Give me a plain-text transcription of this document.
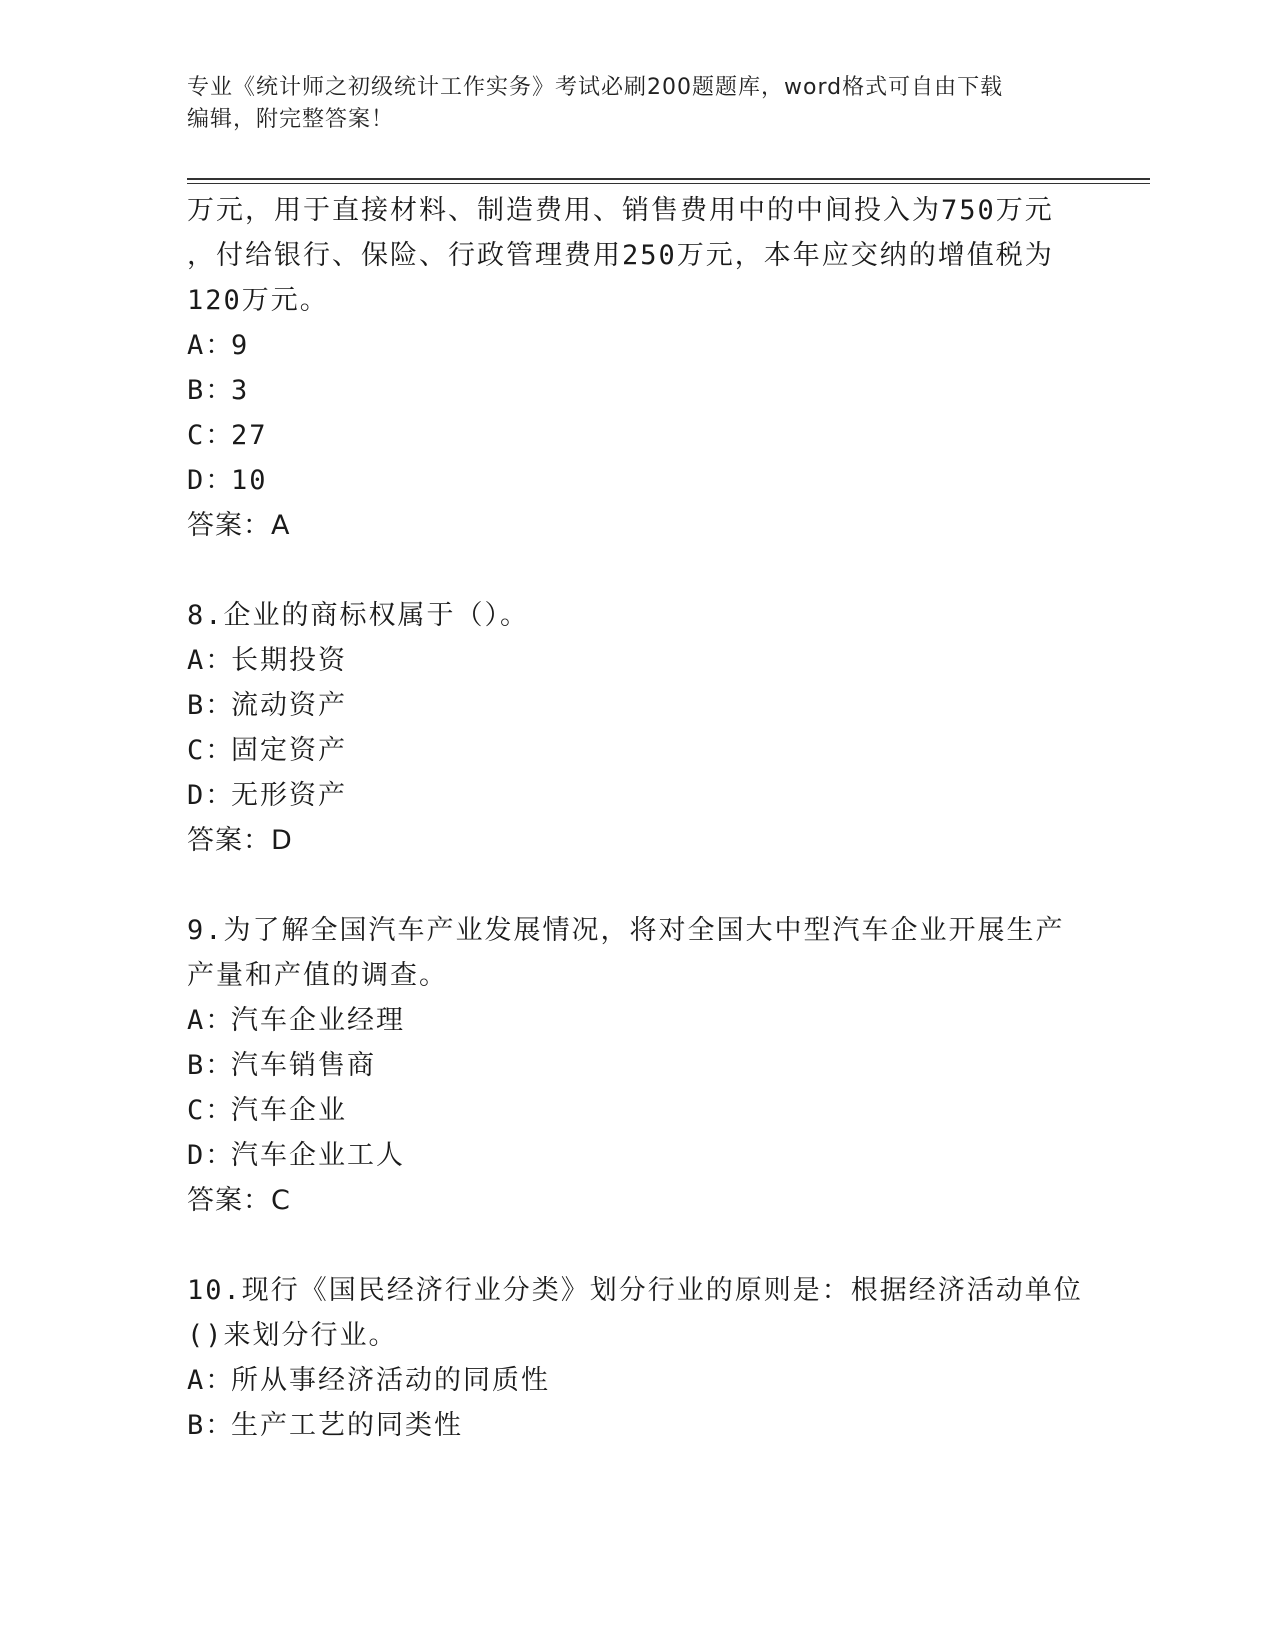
专业《统计师之初级统计工作实务》考试必刷200题题库，word格式可自由下载
编辑，附完整答案！
万元，用于直接材料、制造费用、销售费用中的中间投入为750万元
，付给银行、保险、行政管理费用250万元，本年应交纳的增值税为
120万元。
A：9
B：3
C：27
D：10
答案：A
8.企业的商标权属于（）。
A：长期投资
B：流动资产
C：固定资产
D：无形资产
答案：D
9.为了解全国汽车产业发展情况，将对全国大中型汽车企业开展生产
产量和产值的调查。
A：汽车企业经理
B：汽车销售商
C：汽车企业
D：汽车企业工人
答案：C
10.现行《国民经济行业分类》划分行业的原则是：根据经济活动单位
()来划分行业。
A：所从事经济活动的同质性
B：生产工艺的同类性
